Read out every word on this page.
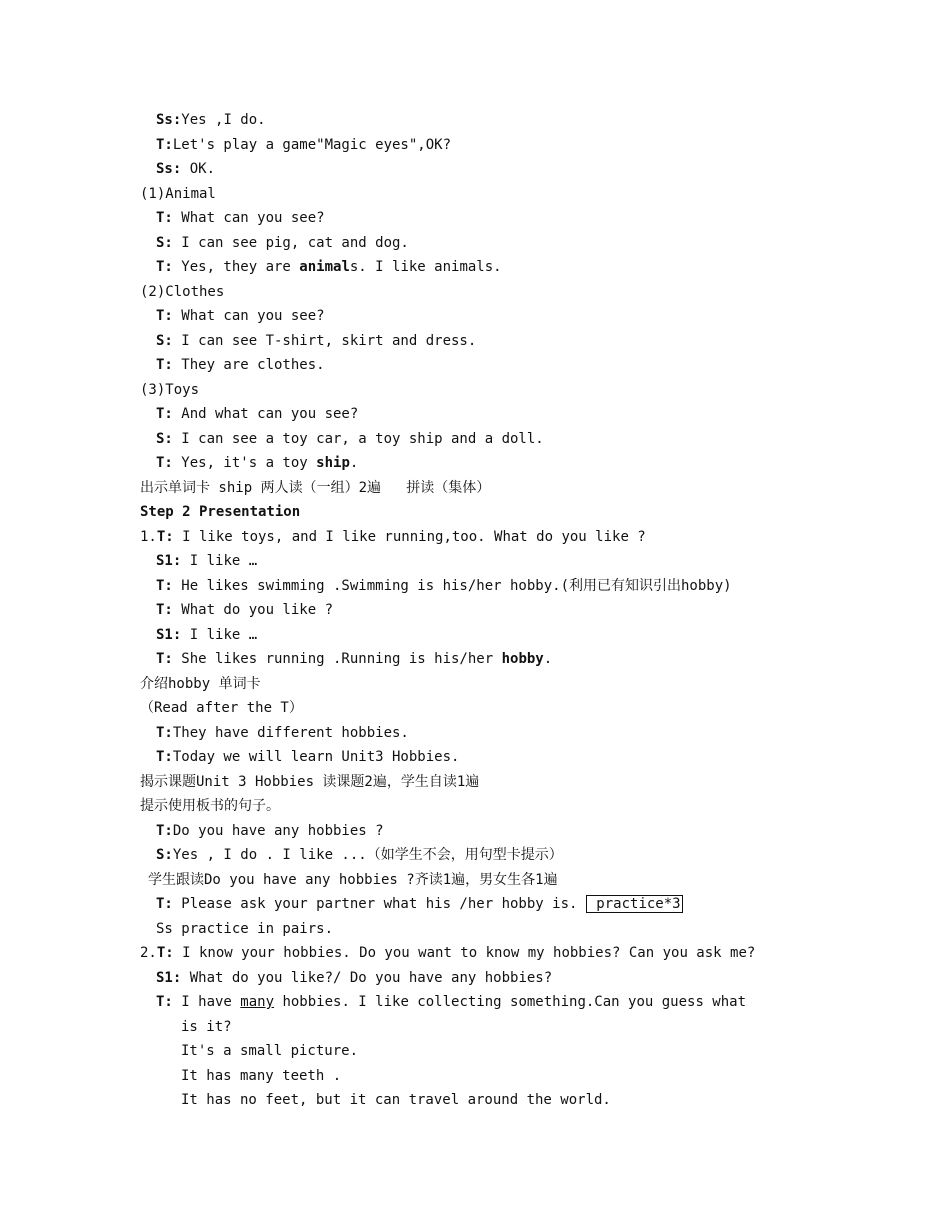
Ss:Yes ,I do.
T:Let's play a game"Magic eyes",OK?
Ss: OK.
(1)Animal
T: What can you see?
S: I can see pig, cat and dog.
T: Yes, they are animals. I like animals.
(2)Clothes
T: What can you see?
S: I can see T-shirt, skirt and dress.
T: They are clothes.
(3)Toys
T: And what can you see?
S: I can see a toy car, a toy ship and a doll.
T: Yes, it's a toy ship.
出示单词卡 ship 两人读（一组）2遍   拼读（集体）
Step 2 Presentation
1.T: I like toys, and I like running,too. What do you like ?
S1: I like …
T: He likes swimming .Swimming is his/her hobby.(利用已有知识引出hobby)
T: What do you like ?
S1: I like …
T: She likes running .Running is his/her hobby.
介绍hobby 单词卡
（Read after the T）
T:They have different hobbies.
T:Today we will learn Unit3 Hobbies.
揭示课题Unit 3 Hobbies 读课题2遍，学生自读1遍
提示使用板书的句子。
T:Do you have any hobbies ?
S:Yes , I do . I like ...（如学生不会，用句型卡提示）
学生跟读Do you have any hobbies ?齐读1遍，男女生各1遍
T: Please ask your partner what his /her hobby is.  practice*3
Ss practice in pairs.
2.T: I know your hobbies. Do you want to know my hobbies? Can you ask me?
S1: What do you like?/ Do you have any hobbies?
T: I have many hobbies. I like collecting something.Can you guess what
is it?
It's a small picture.
It has many teeth .
It has no feet, but it can travel around the world.
